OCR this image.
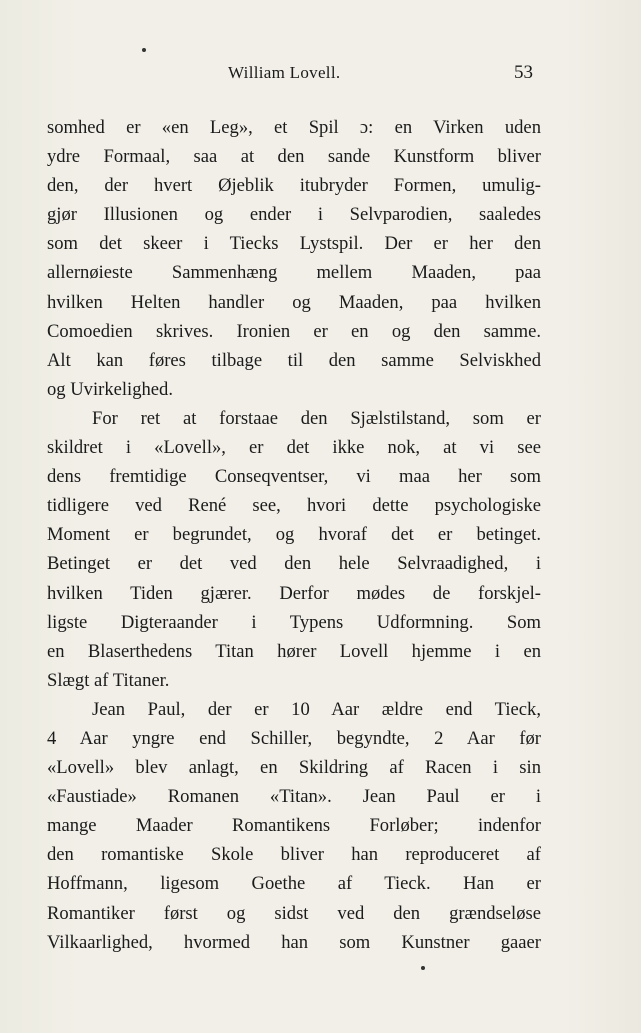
William Lovell.	53
somhed er «en Leg», et Spil ɔ: en Virken uden
ydre Formaal, saa at den sande Kunstform bliver
den, der hvert Øjeblik itubryder Formen, umulig-
gjør Illusionen og ender i Selvparodien, saaledes
som det skeer i Tiecks Lystspil. Der er her den
allernøieste Sammenhæng mellem Maaden, paa
hvilken Helten handler og Maaden, paa hvilken
Comoedien skrives. Ironien er en og den samme.
Alt kan føres tilbage til den samme Selviskhed
og Uvirkelighed.
For ret at forstaae den Sjælstilstand, som er
skildret i «Lovell», er det ikke nok, at vi see
dens fremtidige Conseqventser, vi maa her som
tidligere ved René see, hvori dette psychologiske
Moment er begrundet, og hvoraf det er betinget.
Betinget er det ved den hele Selvraadighed, i
hvilken Tiden gjærer. Derfor mødes de forskjel-
ligste Digteraander i Typens Udformning. Som
en Blaserthedens Titan hører Lovell hjemme i en
Slægt af Titaner.
Jean Paul, der er 10 Aar ældre end Tieck,
4 Aar yngre end Schiller, begyndte, 2 Aar før
«Lovell» blev anlagt, en Skildring af Racen i sin
«Faustiade» Romanen «Titan». Jean Paul er i
mange Maader Romantikens Forløber; indenfor
den romantiske Skole bliver han reproduceret af
Hoffmann, ligesom Goethe af Tieck. Han er
Romantiker først og sidst ved den grændseløse
Vilkaarlighed, hvormed han som Kunstner gaaer
